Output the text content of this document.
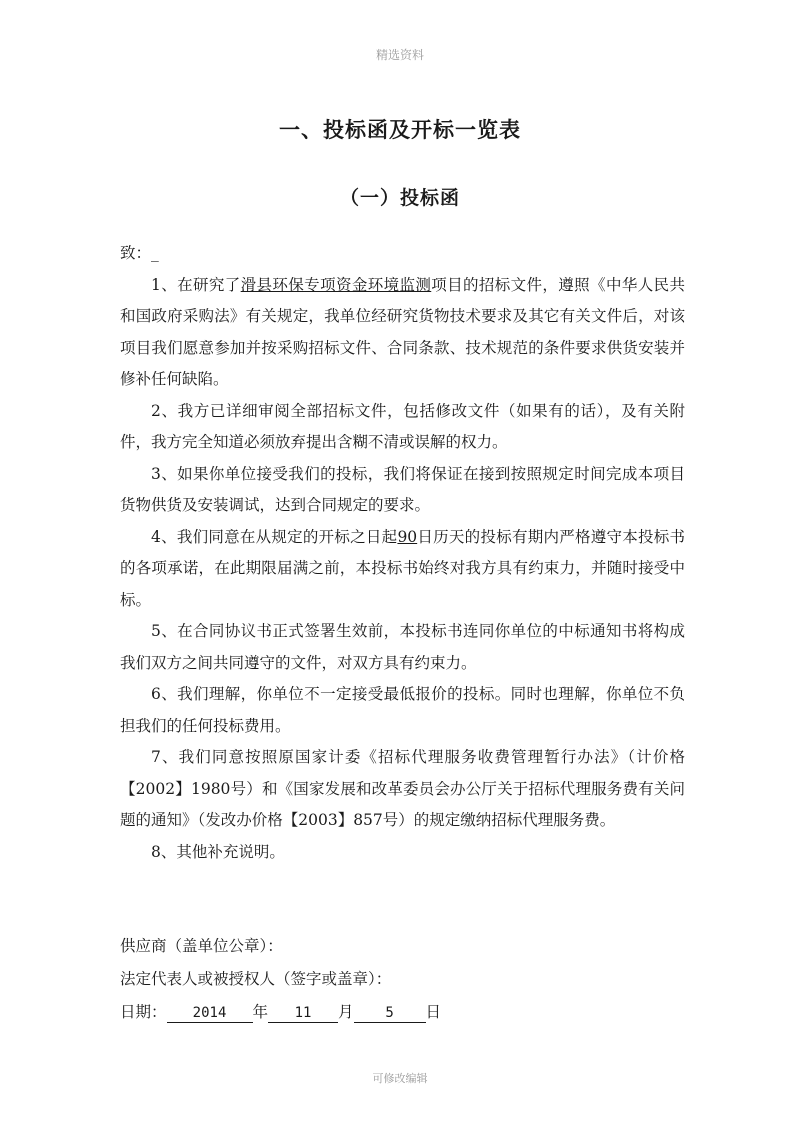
精选资料
一、投标函及开标一览表
（一）投标函

致：_

1、在研究了滑县环保专项资金环境监测项目的招标文件，遵照《中华人民共和国政府采购法》有关规定，我单位经研究货物技术要求及其它有关文件后，对该项目我们愿意参加并按采购招标文件、合同条款、技术规范的条件要求供货安装并修补任何缺陷。

2、我方已详细审阅全部招标文件，包括修改文件（如果有的话），及有关附件，我方完全知道必须放弃提出含糊不清或误解的权力。

3、如果你单位接受我们的投标，我们将保证在接到按照规定时间完成本项目货物供货及安装调试，达到合同规定的要求。

4、我们同意在从规定的开标之日起90日历天的投标有期内严格遵守本投标书的各项承诺，在此期限届满之前，本投标书始终对我方具有约束力，并随时接受中标。

5、在合同协议书正式签署生效前，本投标书连同你单位的中标通知书将构成我们双方之间共同遵守的文件，对双方具有约束力。

6、我们理解，你单位不一定接受最低报价的投标。同时也理解，你单位不负担我们的任何投标费用。

7、我们同意按照原国家计委《招标代理服务收费管理暂行办法》（计价格【2002】1980号）和《国家发展和改革委员会办公厅关于招标代理服务费有关问题的通知》（发改办价格【2003】857号）的规定缴纳招标代理服务费。

8、其他补充说明。

供应商（盖单位公章）：

法定代表人或被授权人（签字或盖章）：

日期： 2014 年 11 月 5 日

可修改编辑
